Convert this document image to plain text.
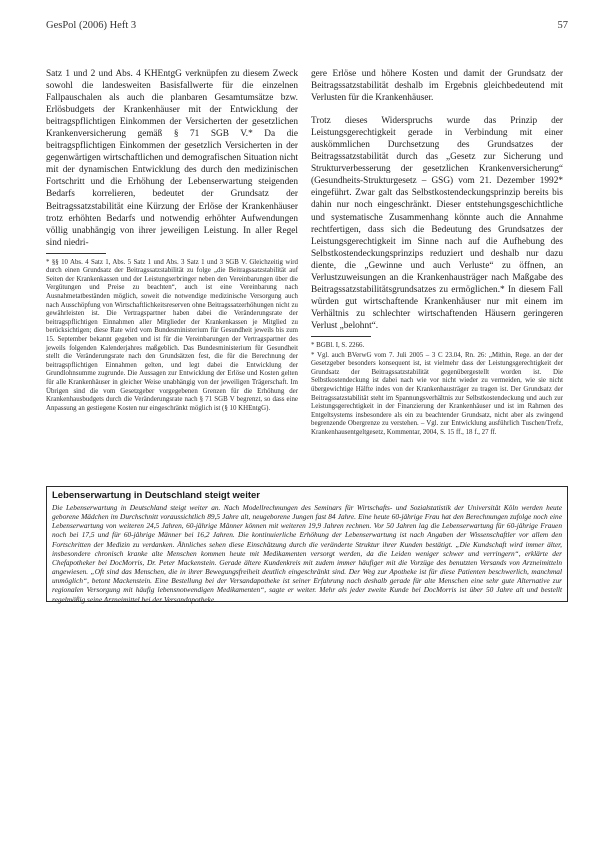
GesPol (2006) Heft 3	57

Satz 1 und 2 und Abs. 4 KHEntgG verknüpfen zu diesem Zweck sowohl die landesweiten Basisfallwerte für die einzelnen Fallpauschalen als auch die planbaren Gesamtumsätze bzw. Erlösbudgets der Krankenhäuser mit der Entwicklung der beitragspflichtigen Einkommen der Versicherten der gesetzlichen Krankenversicherung gemäß § 71 SGB V.* Da die beitragspflichtigen Einkommen der gesetzlich Versicherten in der gegenwärtigen wirtschaftlichen und demografischen Situation nicht mit der dynamischen Entwicklung des durch den medizinischen Fortschritt und die Erhöhung der Lebenserwartung steigenden Bedarfs korrelieren, bedeutet der Grundsatz der Beitragssatzstabilität eine Kürzung der Erlöse der Krankenhäuser trotz erhöhten Bedarfs und notwendig erhöhter Aufwendungen völlig unabhängig von ihrer jeweiligen Leistung. In aller Regel sind niedri-

* §§ 10 Abs. 4 Satz 1, Abs. 5 Satz 1 und Abs. 3 Satz 1 und 3 SGB V. Gleichzeitig wird durch einen Grundsatz der Beitragssatzstabilität zu folge „die Beitragssatzstabilität auf Seiten der Krankenkassen und der Leistungserbringer neben den Vereinbarungen über die Vergütungen und Preise zu beachten“, auch ist eine Vereinbarung nach Ausnahmetatbeständen möglich, soweit die notwendige medizinische Versorgung auch nach Ausschöpfung von Wirtschaftlichkeitsreserven ohne Beitragssatzerhöhungen nicht zu gewährleisten ist. Die Vertragspartner haben dabei die Veränderungsrate der beitragspflichtigen Einnahmen aller Mitglieder der Krankenkassen je Mitglied zu berücksichtigen; diese Rate wird vom Bundesministerium für Gesundheit jeweils bis zum 15. September bekannt gegeben und ist für die Vereinbarungen der Vertragspartner des jeweils folgenden Kalenderjahres maßgeblich. Das Bundesministerium für Gesundheit stellt die Veränderungsrate nach den Grundsätzen fest, die für die Berechnung der beitragspflichtigen Einnahmen gelten, und legt dabei die Entwicklung der Grundlohnsumme zugrunde. Die Aussagen zur Entwicklung der Erlöse und Kosten gelten für alle Krankenhäuser in gleicher Weise unabhängig von der jeweiligen Trägerschaft. Im Übrigen sind die vom Gesetzgeber vorgegebenen Grenzen für die Erhöhung der Krankenhausbudgets durch die Veränderungsrate nach § 71 SGB V begrenzt, so dass eine Anpassung an gestiegene Kosten nur eingeschränkt möglich ist (§ 10 KHEntgG).

gere Erlöse und höhere Kosten und damit der Grundsatz der Beitragssatzstabilität deshalb im Ergebnis gleichbedeutend mit Verlusten für die Krankenhäuser.

Trotz dieses Widerspruchs wurde das Prinzip der Leistungsgerechtigkeit gerade in Verbindung mit einer auskömmlichen Durchsetzung des Grundsatzes der Beitragssatzstabilität durch das „Gesetz zur Sicherung und Strukturverbesserung der gesetzlichen Krankenversicherung“ (Gesundheits-Strukturgesetz – GSG) vom 21. Dezember 1992* eingeführt. Zwar galt das Selbstkostendeckungsprinzip bereits bis dahin nur noch eingeschränkt. Dieser entstehungsgeschichtliche und systematische Zusammenhang könnte auch die Annahme rechtfertigen, dass sich die Bedeutung des Grundsatzes der Leistungsgerechtigkeit im Sinne nach auf die Aufhebung des Selbstkostendeckungsprinzips reduziert und deshalb nur dazu diente, die „Gewinne und auch Verluste“ zu öffnen, an Verlustzuweisungen an die Krankenhausträger nach Maßgabe des Beitragssatzstabilitätsgrundsatzes zu ermöglichen.* In diesem Fall würden gut wirtschaftende Krankenhäuser nur mit einem im Verhältnis zu schlechter wirtschaftenden Häusern geringeren Verlust „belohnt“.

* BGBl. I, S. 2266.

* Vgl. auch BVerwG vom 7. Juli 2005 – 3 C 23.04, Rn. 26: „Mithin, Rege. an der der Gesetzgeber besonders konsequent ist, ist vielmehr dass der Leistungsgerechtigkeit der Grundsatz der Beitragssatzstabilität gegenübergestellt worden ist. Die Selbstkostendeckung ist dabei nach wie vor nicht wieder zu vermeiden, wie sie nicht übergewichtige Hälfte indes von der Krankenhausträger zu tragen ist. Der Grundsatz der Beitragssatzstabilität steht im Spannungsverhältnis zur Selbstkostendeckung und auch zur Leistungsgerechtigkeit in der Finanzierung der Krankenhäuser und ist im Rahmen des Entgeltsystems insbesondere als ein zu beachtender Grundsatz, nicht aber als zwingend begrenzende Obergrenze zu verstehen. – Vgl. zur Entwicklung ausführlich Tuschen/Trefz, Krankenhausentgeltgesetz, Kommentar, 2004, S. 15 ff., 18 f., 27 ff.

Lebenserwartung in Deutschland steigt weiter

Die Lebenserwartung in Deutschland steigt weiter an. Nach Modellrechnungen des Seminars für Wirtschafts- und Sozialstatistik der Universität Köln werden heute geborene Mädchen im Durchschnitt voraussichtlich 89,5 Jahre alt, neugeborene Jungen fast 84 Jahre. Eine heute 60-jährige Frau hat den Berechnungen zufolge noch eine Lebenserwartung von weiteren 24,5 Jahren, 60-jährige Männer können mit weiteren 19,9 Jahren rechnen. Vor 50 Jahren lag die Lebenserwartung für 60-jährige Frauen noch bei 17,5 und für 60-jährige Männer bei 16,2 Jahren. Die kontinuierliche Erhöhung der Lebenserwartung ist nach Angaben der Wissenschaftler vor allem den Fortschritten der Medizin zu verdanken. Ähnliches sehen diese Einschätzung durch die veränderte Struktur ihrer Kunden bestätigt. „Die Kundschaft wird immer älter, insbesondere chronisch kranke alte Menschen kommen heute mit Medikamenten versorgt werden, da die Leiden weniger schwer und verringern“, erklärte der Chefapotheker bei DocMorris, Dr. Peter Mackenstein. Gerade ältere Kundenkreis mit zudem immer häufiger mit die Vorzüge des benutzten Versands von Arzneimitteln angewiesen. „Oft sind das Menschen, die in ihrer Bewegungsfreiheit deutlich eingeschränkt sind. Der Weg zur Apotheke ist für diese Patienten beschwerlich, manchmal unmöglich“, betont Mackenstein. Eine Bestellung bei der Versandapotheke ist seiner Erfahrung nach deshalb gerade für alte Menschen eine sehr gute Alternative zur regionalen Versorgung mit häufig lebensnotwendigen Medikamenten“, sagte er weiter. Mehr als jeder zweite Kunde bei DocMorris ist über 50 Jahre alt und bestellt regelmäßig seine Arzneimittel bei der Versandapotheke.
